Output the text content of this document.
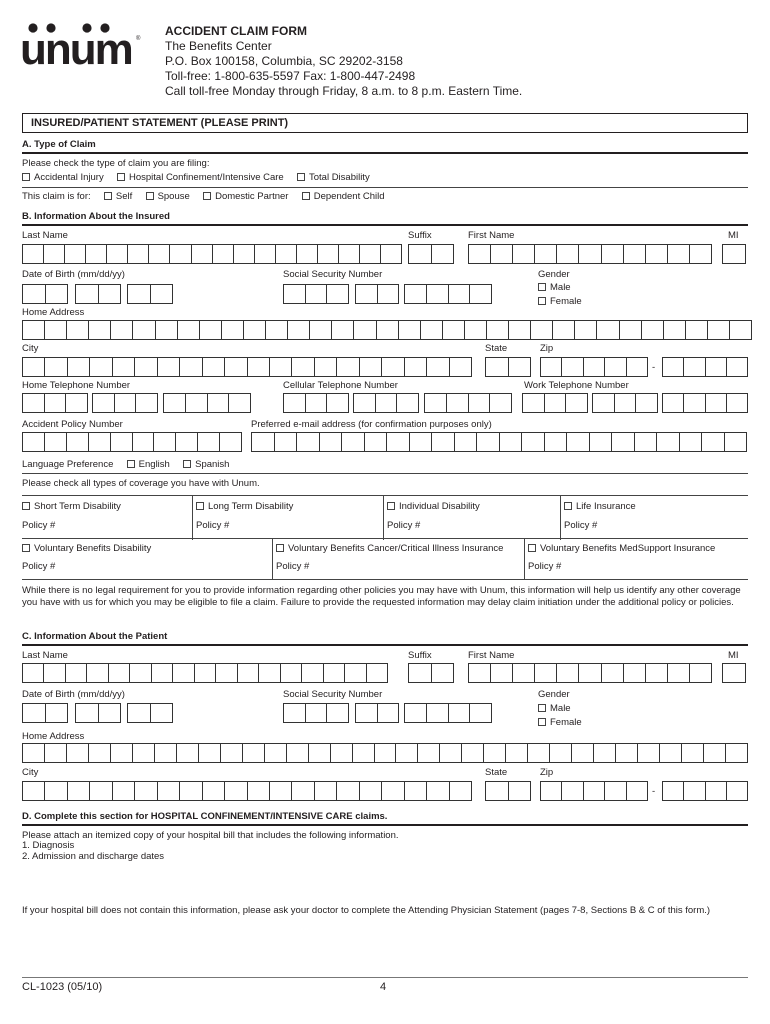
unum ®
ACCIDENT CLAIM FORM
The Benefits Center
P.O. Box 100158, Columbia, SC 29202-3158
Toll-free: 1-800-635-5597 Fax: 1-800-447-2498
Call toll-free Monday through Friday, 8 a.m. to 8 p.m. Eastern Time.
INSURED/PATIENT STATEMENT (PLEASE PRINT)
A. Type of Claim
Please check the type of claim you are filing:
Accidental Injury	Hospital Confinement/Intensive Care	Total Disability
This claim is for:	Self	Spouse	Domestic Partner	Dependent Child
B. Information About the Insured
Last Name	Suffix	First Name	MI
Date of Birth (mm/dd/yy)	Social Security Number	Gender
Male
Female
Home Address
City	State	Zip
-
Home Telephone Number	Cellular Telephone Number	Work Telephone Number
Accident Policy Number	Preferred e-mail address (for confirmation purposes only)
Language Preference	English	Spanish
Please check all types of coverage you have with Unum.
Short Term Disability	Long Term Disability	Individual Disability	Life Insurance
Policy #	Policy #	Policy #	Policy #
Voluntary Benefits Disability	Voluntary Benefits Cancer/Critical Illness Insurance	Voluntary Benefits MedSupport Insurance
Policy #	Policy #	Policy #
While there is no legal requirement for you to provide information regarding other policies you may have with Unum, this information will help us identify any other coverage you have with us for which you may be eligible to file a claim. Failure to provide the requested information may delay claim initiation under the additional policy or policies.
C. Information About the Patient
Last Name	Suffix	First Name	MI
Date of Birth (mm/dd/yy)	Social Security Number	Gender
Male
Female
Home Address
City	State	Zip
-
D. Complete this section for HOSPITAL CONFINEMENT/INTENSIVE CARE claims.
Please attach an itemized copy of your hospital bill that includes the following information.
1. Diagnosis
2. Admission and discharge dates
If your hospital bill does not contain this information, please ask your doctor to complete the Attending Physician Statement (pages 7-8, Sections B & C of this form.)
CL-1023 (05/10)	4
